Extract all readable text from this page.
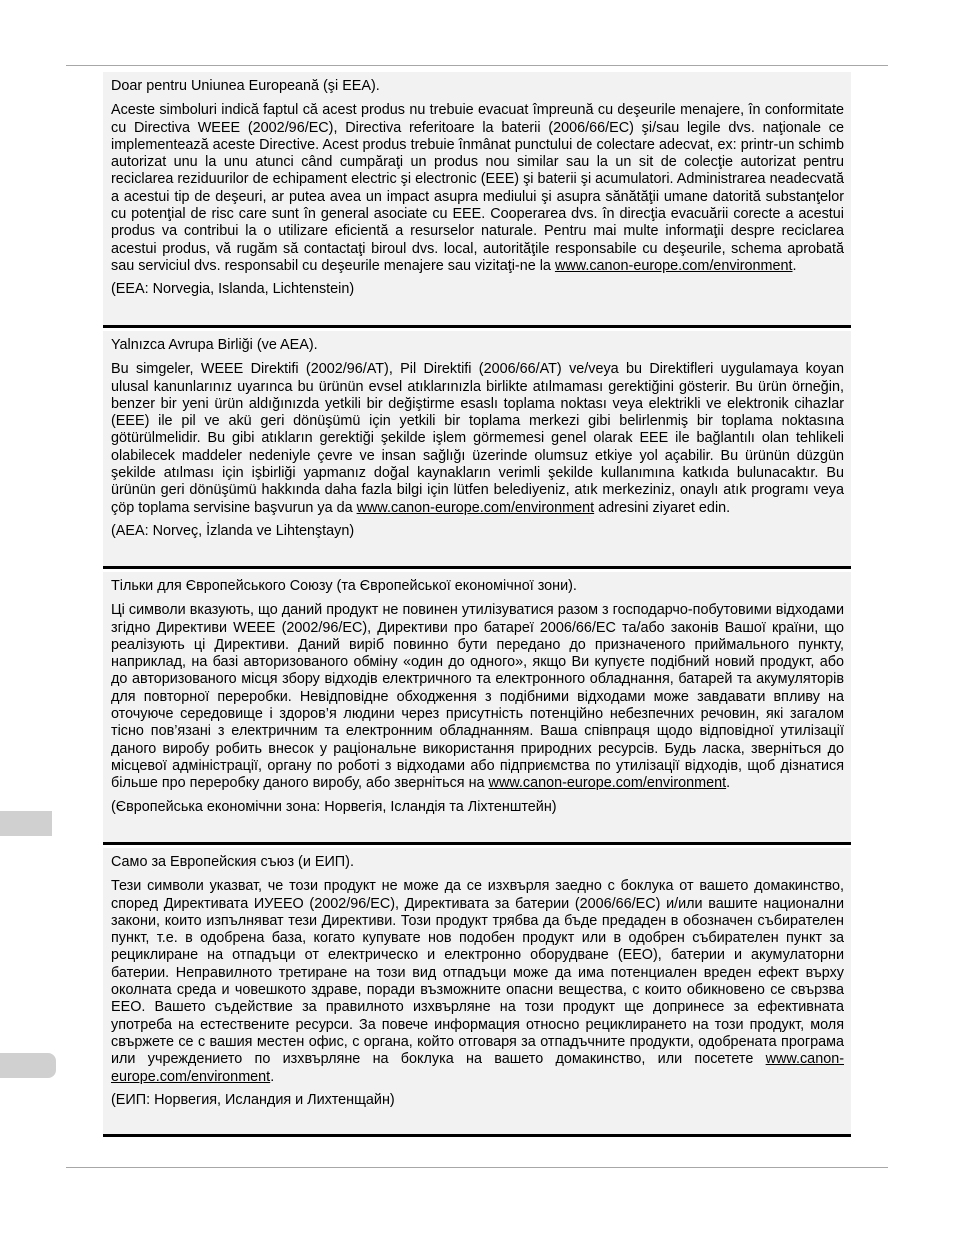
Doar pentru Uniunea Europeană (şi EEA).

Aceste simboluri indică faptul că acest produs nu trebuie evacuat împreună cu deşeurile menajere, în conformitate cu Directiva WEEE (2002/96/EC), Directiva referitoare la baterii (2006/66/EC) şi/sau legile dvs. naţionale ce implementează aceste Directive. Acest produs trebuie înmânat punctului de colectare adecvat, ex: printr-un schimb autorizat unu la unu atunci când cumpăraţi un produs nou similar sau la un sit de colecţie autorizat pentru reciclarea reziduurilor de echipament electric şi electronic (EEE) şi baterii şi acumulatori. Administrarea neadecvată a acestui tip de deşeuri, ar putea avea un impact asupra mediului şi asupra sănătăţii umane datorită substanţelor cu potenţial de risc care sunt în general asociate cu EEE. Cooperarea dvs. în direcţia evacuării corecte a acestui produs va contribui la o utilizare eficientă a resurselor naturale. Pentru mai multe informaţii despre reciclarea acestui produs, vă rugăm să contactaţi biroul dvs. local, autorităţile responsabile cu deşeurile, schema aprobată sau serviciul dvs. responsabil cu deşeurile menajere sau vizitaţi-ne la www.canon-europe.com/environment.

(EEA: Norvegia, Islanda, Lichtenstein)

Yalnızca Avrupa Birliği (ve AEA).

Bu simgeler, WEEE Direktifi (2002/96/AT), Pil Direktifi (2006/66/AT) ve/veya bu Direktifleri uygulamaya koyan ulusal kanunlarınız uyarınca bu ürünün evsel atıklarınızla birlikte atılmaması gerektiğini gösterir. Bu ürün örneğin, benzer bir yeni ürün aldığınızda yetkili bir değiştirme esaslı toplama noktası veya elektrikli ve elektronik cihazlar (EEE) ile pil ve akü geri dönüşümü için yetkili bir toplama merkezi gibi belirlenmiş bir toplama noktasına götürülmelidir. Bu gibi atıkların gerektiği şekilde işlem görmemesi genel olarak EEE ile bağlantılı olan tehlikeli olabilecek maddeler nedeniyle çevre ve insan sağlığı üzerinde olumsuz etkiye yol açabilir. Bu ürünün düzgün şekilde atılması için işbirliği yapmanız doğal kaynakların verimli şekilde kullanımına katkıda bulunacaktır. Bu ürünün geri dönüşümü hakkında daha fazla bilgi için lütfen belediyeniz, atık merkeziniz, onaylı atık programı veya çöp toplama servisine başvurun ya da www.canon-europe.com/environment adresini ziyaret edin.

(AEA: Norveç, İzlanda ve Lihtenştayn)

Тільки для Європейського Союзу (та Європейської економічної зони).

Ці символи вказують, що даний продукт не повинен утилізуватися разом з господарчо-побутовими відходами згідно Директиви WEEE (2002/96/EC), Директиви про батареї 2006/66/EC та/або законів Вашої країни, що реалізують ці Директиви. Даний виріб повинно бути передано до призначеного приймального пункту, наприклад, на базі авторизованого обміну «один до одного», якщо Ви купуєте подібний новий продукт, або до авторизованого місця збору відходів електричного та електронного обладнання, батарей та акумуляторів для повторної переробки. Невідповідне обходження з подібними відходами може завдавати впливу на оточуюче середовище і здоров’я людини через присутність потенційно небезпечних речовин, які загалом тісно пов’язані з електричним та електронним обладнанням. Ваша співпраця щодо відповідної утилізації даного виробу робить внесок у раціональне використання природних ресурсів. Будь ласка, зверніться до місцевої адміністрації, органу по роботі з відходами або підприємства по утилізації відходів, щоб дізнатися більше про переробку даного виробу, або зверніться на www.canon-europe.com/environment.

(Європейська економічни зона: Норвегія, Ісландія та Ліхтенштейн)

Само за Европейския съюз (и ЕИП).

Тези символи указват, че този продукт не може да се изхвърля заедно с боклука от вашето домакинство, според Директивата ИУЕЕО (2002/96/ЕС), Директивата за батерии (2006/66/ЕС) и/или вашите национални закони, които изпълняват тези Директиви. Този продукт трябва да бъде предаден в обозначен събирателен пункт, т.е. в одобрена база, когато купувате нов подобен продукт или в одобрен събирателен пункт за рециклиране на отпадъци от електрическо и електронно оборудване (ЕЕО), батерии и акумулаторни батерии. Неправилното третиране на този вид отпадъци може да има потенциален вреден ефект върху околната среда и човешкото здраве, поради възможните опасни вещества, с които обикновено се свързва ЕЕО. Вашето съдействие за правилното изхвърляне на този продукт ще допринесе за ефективната употреба на естествените ресурси. За повече информация относно рециклирането на този продукт, моля свържете се с вашия местен офис, с органа, който отговаря за отпадъчните продукти, одобрената програма или учреждението по изхвърляне на боклука на вашето домакинство, или посетете www.canon-europe.com/environment.

(ЕИП: Норвегия, Исландия и Лихтенщайн)
